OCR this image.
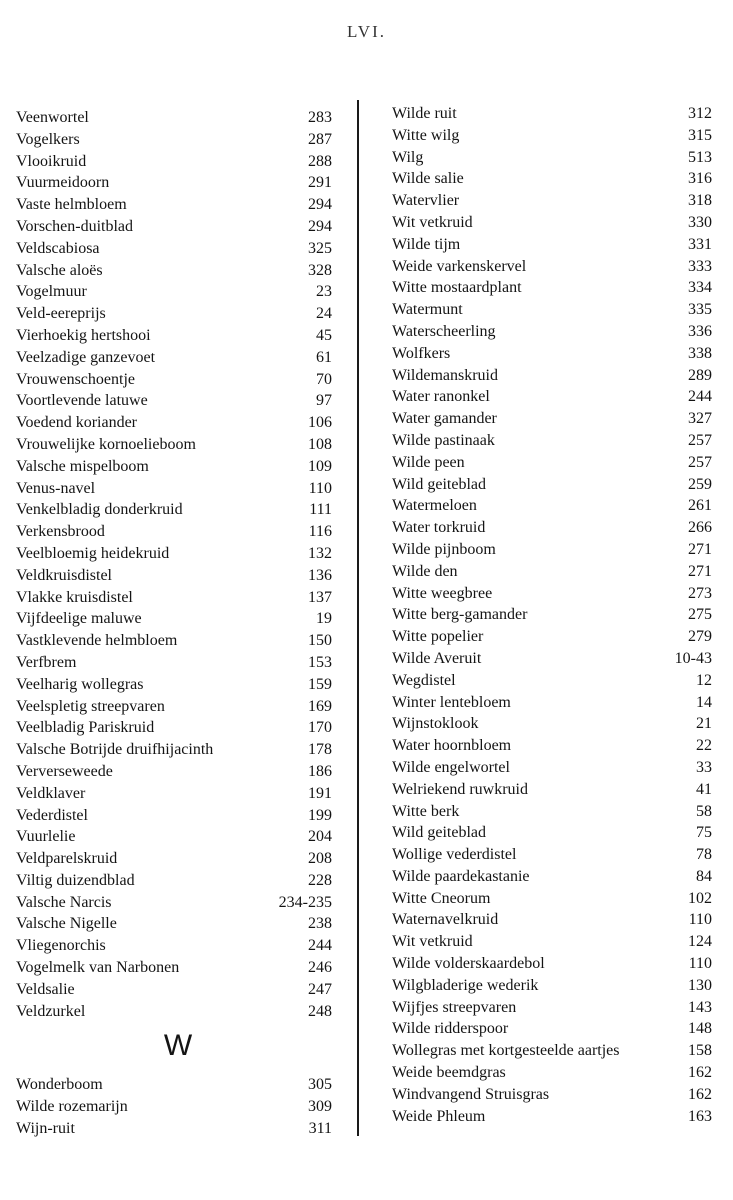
LVI.
Veenwortel	283
Vogelkers	287
Vlooikruid	288
Vuurmeidoorn	291
Vaste helmbloem	294
Vorschen-duitblad	294
Veldscabiosa	325
Valsche aloës	328
Vogelmuur	23
Veld-eereprijs	24
Vierhoekig hertshooi	45
Veelzadige ganzevoet	61
Vrouwenschoentje	70
Voortlevende latuwe	97
Voedend koriander	106
Vrouwelijke kornoelieboom	108
Valsche mispelboom	109
Venus-navel	110
Venkelbladig donderkruid	111
Verkensbrood	116
Veelbloemig heidekruid	132
Veldkruisdistel	136
Vlakke kruisdistel	137
Vijfdeelige maluwe	19
Vastklevende helmbloem	150
Verfbrem	153
Veelharig wollegras	159
Veelspletig streepvaren	169
Veelbladig Pariskruid	170
Valsche Botrijde druifhijacinth	178
Ververseweede	186
Veldklaver	191
Vederdistel	199
Vuurlelie	204
Veldparelskruid	208
Viltig duizendblad	228
Valsche Narcis	234-235
Valsche Nigelle	238
Vliegenorchis	244
Vogelmelk van Narbonen	246
Veldsalie	247
Veldzurkel	248
W
Wonderboom	305
Wilde rozemarijn	309
Wijn-ruit	311
Wilde ruit	312
Witte wilg	315
Wilg	513
Wilde salie	316
Watervlier	318
Wit vetkruid	330
Wilde tijm	331
Weide varkenskervel	333
Witte mostaardplant	334
Watermunt	335
Waterscheerling	336
Wolfkers	338
Wildemanskruid	289
Water ranonkel	244
Water gamander	327
Wilde pastinaak	257
Wilde peen	257
Wild geiteblad	259
Watermeloen	261
Water torkruid	266
Wilde pijnboom	271
Wilde den	271
Witte weegbree	273
Witte berg-gamander	275
Witte popelier	279
Wilde Averuit	10-43
Wegdistel	12
Winter lentebloem	14
Wijnstoklook	21
Water hoornbloem	22
Wilde engelwortel	33
Welriekend ruwkruid	41
Witte berk	58
Wild geiteblad	75
Wollige vederdistel	78
Wilde paardekastanie	84
Witte Cneorum	102
Waternavelkruid	110
Wit vetkruid	124
Wilde volderskaardebol	110
Wilgbladerige wederik	130
Wijfjes streepvaren	143
Wilde ridderspoor	148
Wollegras met kortgesteelde aartjes	158
Weide beemdgras	162
Windvangend Struisgras	162
Weide Phleum	163
